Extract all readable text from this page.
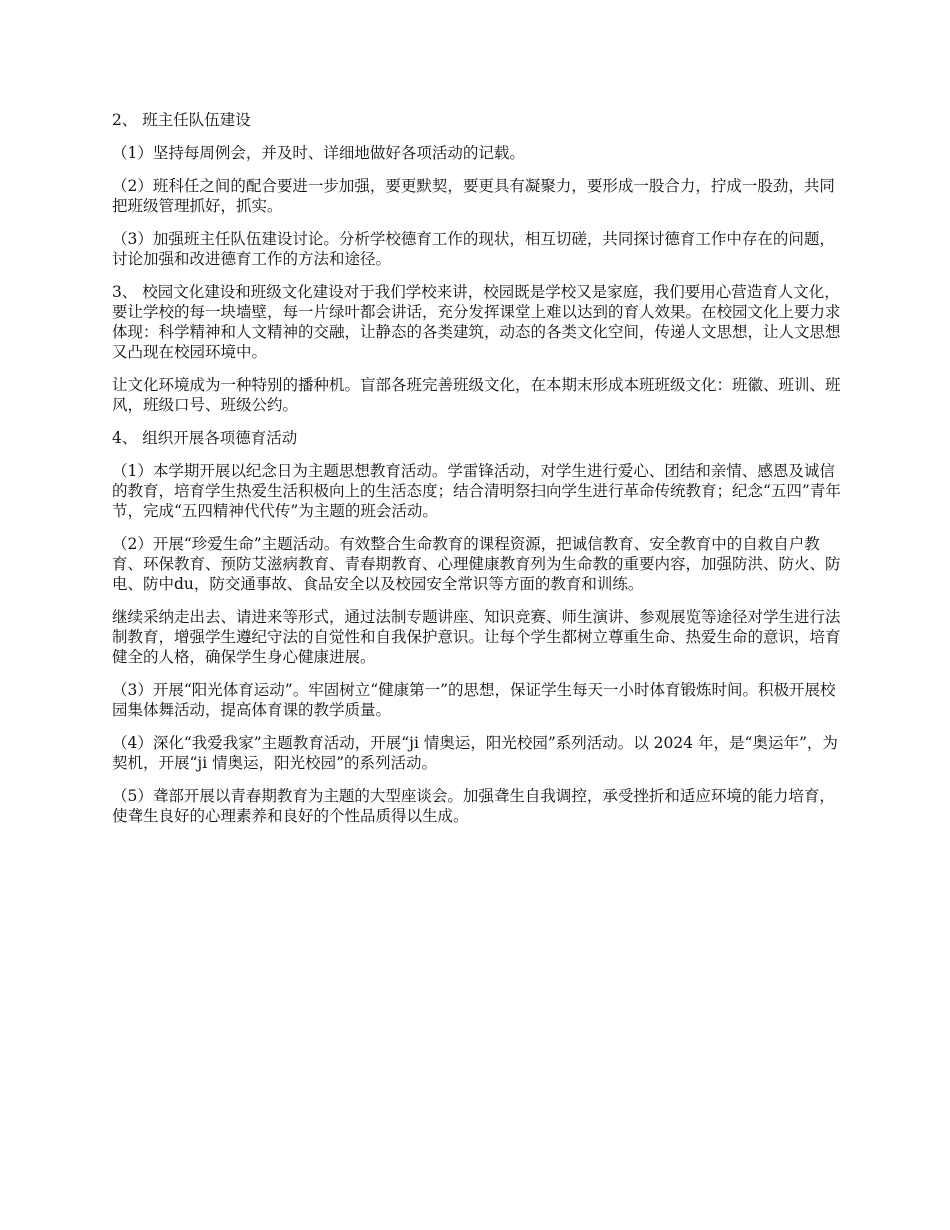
2、 班主任队伍建设

（1）坚持每周例会，并及时、详细地做好各项活动的记载。

（2）班科任之间的配合要进一步加强，要更默契，要更具有凝聚力，要形成一股合力，拧成一股劲，共同把班级管理抓好，抓实。

（3）加强班主任队伍建设讨论。分析学校德育工作的现状，相互切磋，共同探讨德育工作中存在的问题，讨论加强和改进德育工作的方法和途径。

3、 校园文化建设和班级文化建设对于我们学校来讲，校园既是学校又是家庭，我们要用心营造育人文化，要让学校的每一块墙壁，每一片绿叶都会讲话，充分发挥课堂上难以达到的育人效果。在校园文化上要力求体现：科学精神和人文精神的交融，让静态的各类建筑，动态的各类文化空间，传递人文思想，让人文思想又凸现在校园环境中。

让文化环境成为一种特别的播种机。盲部各班完善班级文化，在本期末形成本班班级文化：班徽、班训、班风，班级口号、班级公约。

4、 组织开展各项德育活动

（1）本学期开展以纪念日为主题思想教育活动。学雷锋活动，对学生进行爱心、团结和亲情、感恩及诚信的教育，培育学生热爱生活积极向上的生活态度；结合清明祭扫向学生进行革命传统教育；纪念“五四”青年节，完成“五四精神代代传”为主题的班会活动。

（2）开展“珍爱生命”主题活动。有效整合生命教育的课程资源，把诚信教育、安全教育中的自救自户教育、环保教育、预防艾滋病教育、青春期教育、心理健康教育列为生命教的重要内容，加强防洪、防火、防电、防中du，防交通事故、食品安全以及校园安全常识等方面的教育和训练。

继续采纳走出去、请进来等形式，通过法制专题讲座、知识竞赛、师生演讲、参观展览等途径对学生进行法制教育，增强学生遵纪守法的自觉性和自我保护意识。让每个学生都树立尊重生命、热爱生命的意识，培育健全的人格，确保学生身心健康进展。

（3）开展“阳光体育运动”。牢固树立“健康第一”的思想，保证学生每天一小时体育锻炼时间。积极开展校园集体舞活动，提高体育课的教学质量。

（4）深化“我爱我家”主题教育活动，开展“ji 情奥运，阳光校园”系列活动。以 2024 年，是“奥运年”，为契机，开展“ji 情奥运，阳光校园”的系列活动。

（5）聋部开展以青春期教育为主题的大型座谈会。加强聋生自我调控，承受挫折和适应环境的能力培育，使聋生良好的心理素养和良好的个性品质得以生成。
